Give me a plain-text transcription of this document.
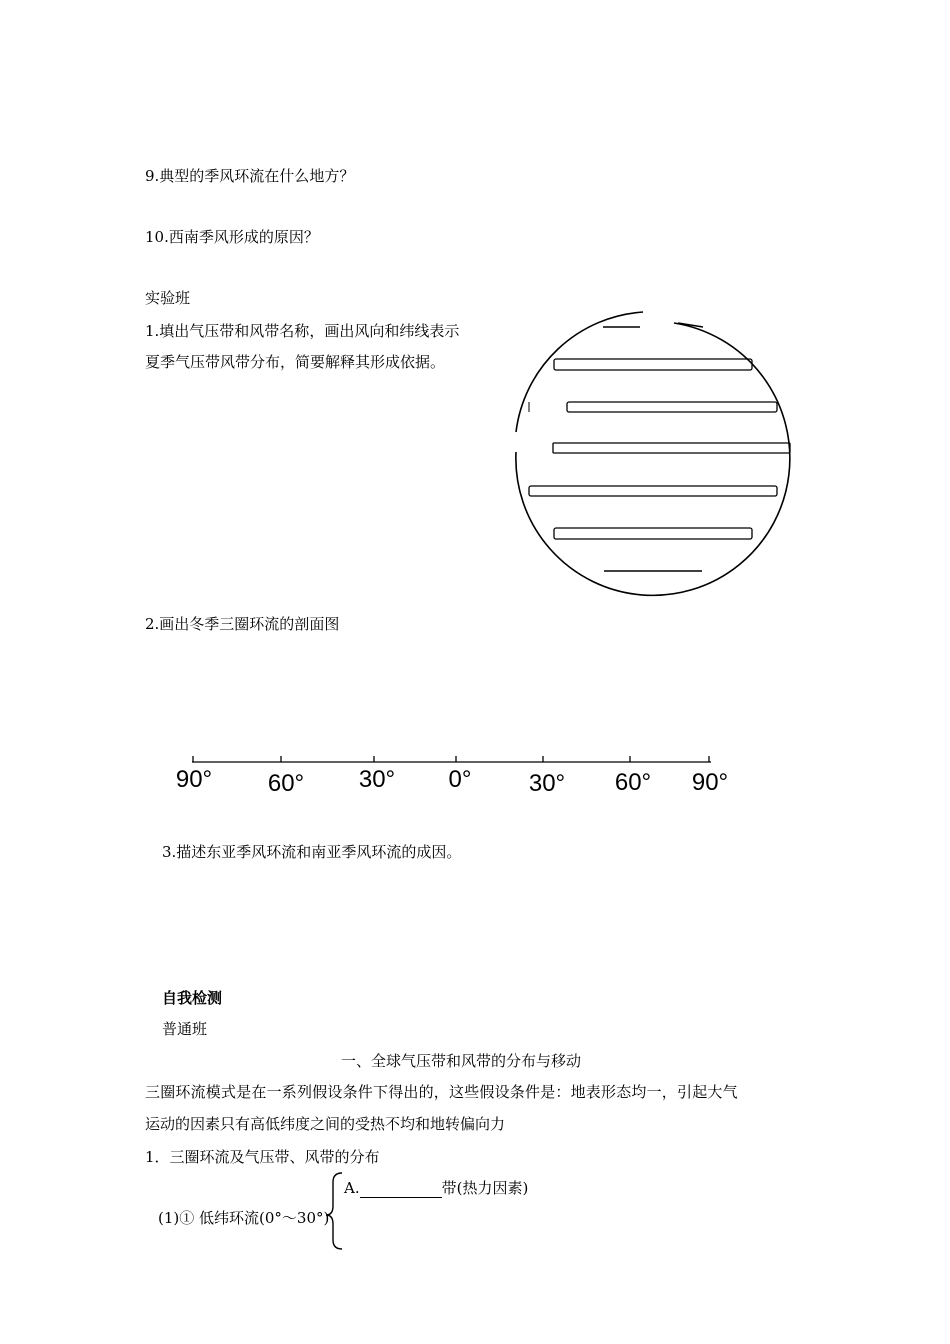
9.典型的季风环流在什么地方？
10.西南季风形成的原因？
实验班
1.填出气压带和风带名称，画出风向和纬线表示
夏季气压带风带分布，简要解释其形成依据。
2.画出冬季三圈环流的剖面图
90° 60° 30° 0° 30° 60° 90°
3.描述东亚季风环流和南亚季风环流的成因。
自我检测
普通班
一、全球气压带和风带的分布与移动
三圈环流模式是在一系列假设条件下得出的，这些假设条件是：地表形态均一，引起大气
运动的因素只有高低纬度之间的受热不均和地转偏向力
1．三圈环流及气压带、风带的分布
(1)① 低纬环流(0°～30°)
A.	带(热力因素)
